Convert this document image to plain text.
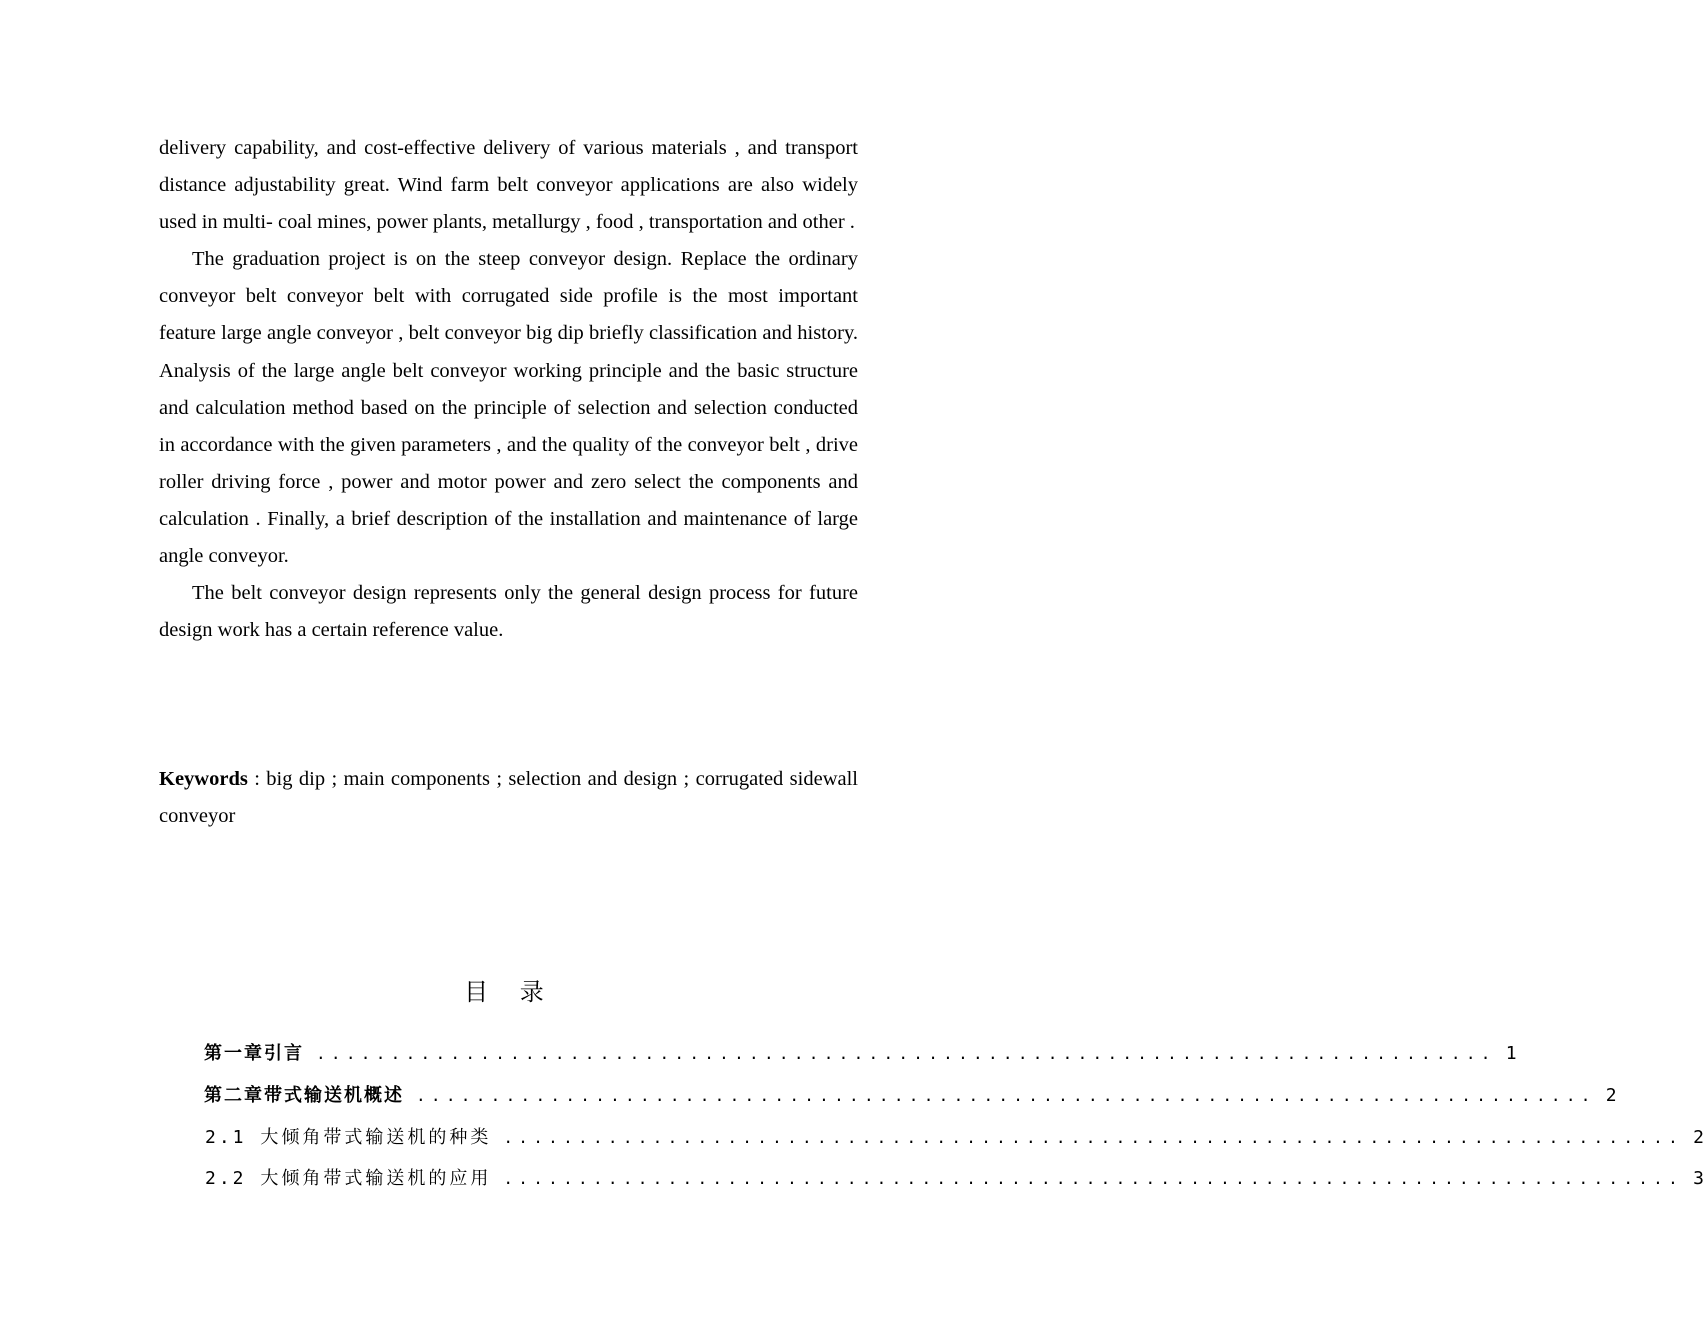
delivery capability, and cost-effective delivery of various materials , and transport distance adjustability great. Wind farm belt conveyor applications are also widely used in multi- coal mines, power plants, metallurgy , food , transportation and other .

The graduation project is on the steep conveyor design. Replace the ordinary conveyor belt conveyor belt with corrugated side profile is the most important feature large angle conveyor , belt conveyor big dip briefly classification and history. Analysis of the large angle belt conveyor working principle and the basic structure and calculation method based on the principle of selection and selection conducted in accordance with the given parameters , and the quality of the conveyor belt , drive roller driving force , power and motor power and zero select the components and calculation . Finally, a brief description of the installation and maintenance of large angle conveyor.

The belt conveyor design represents only the general design process for future design work has a certain reference value.

Keywords : big dip ; main components ; selection and design ; corrugated sidewall conveyor
目 录
第一章引言 ............................................................................... 1
第二章带式输送机概述 ............................................................................... 2
2.1 大倾角带式输送机的种类 ............................................................................... 2
2.2 大倾角带式输送机的应用 ............................................................................... 3
